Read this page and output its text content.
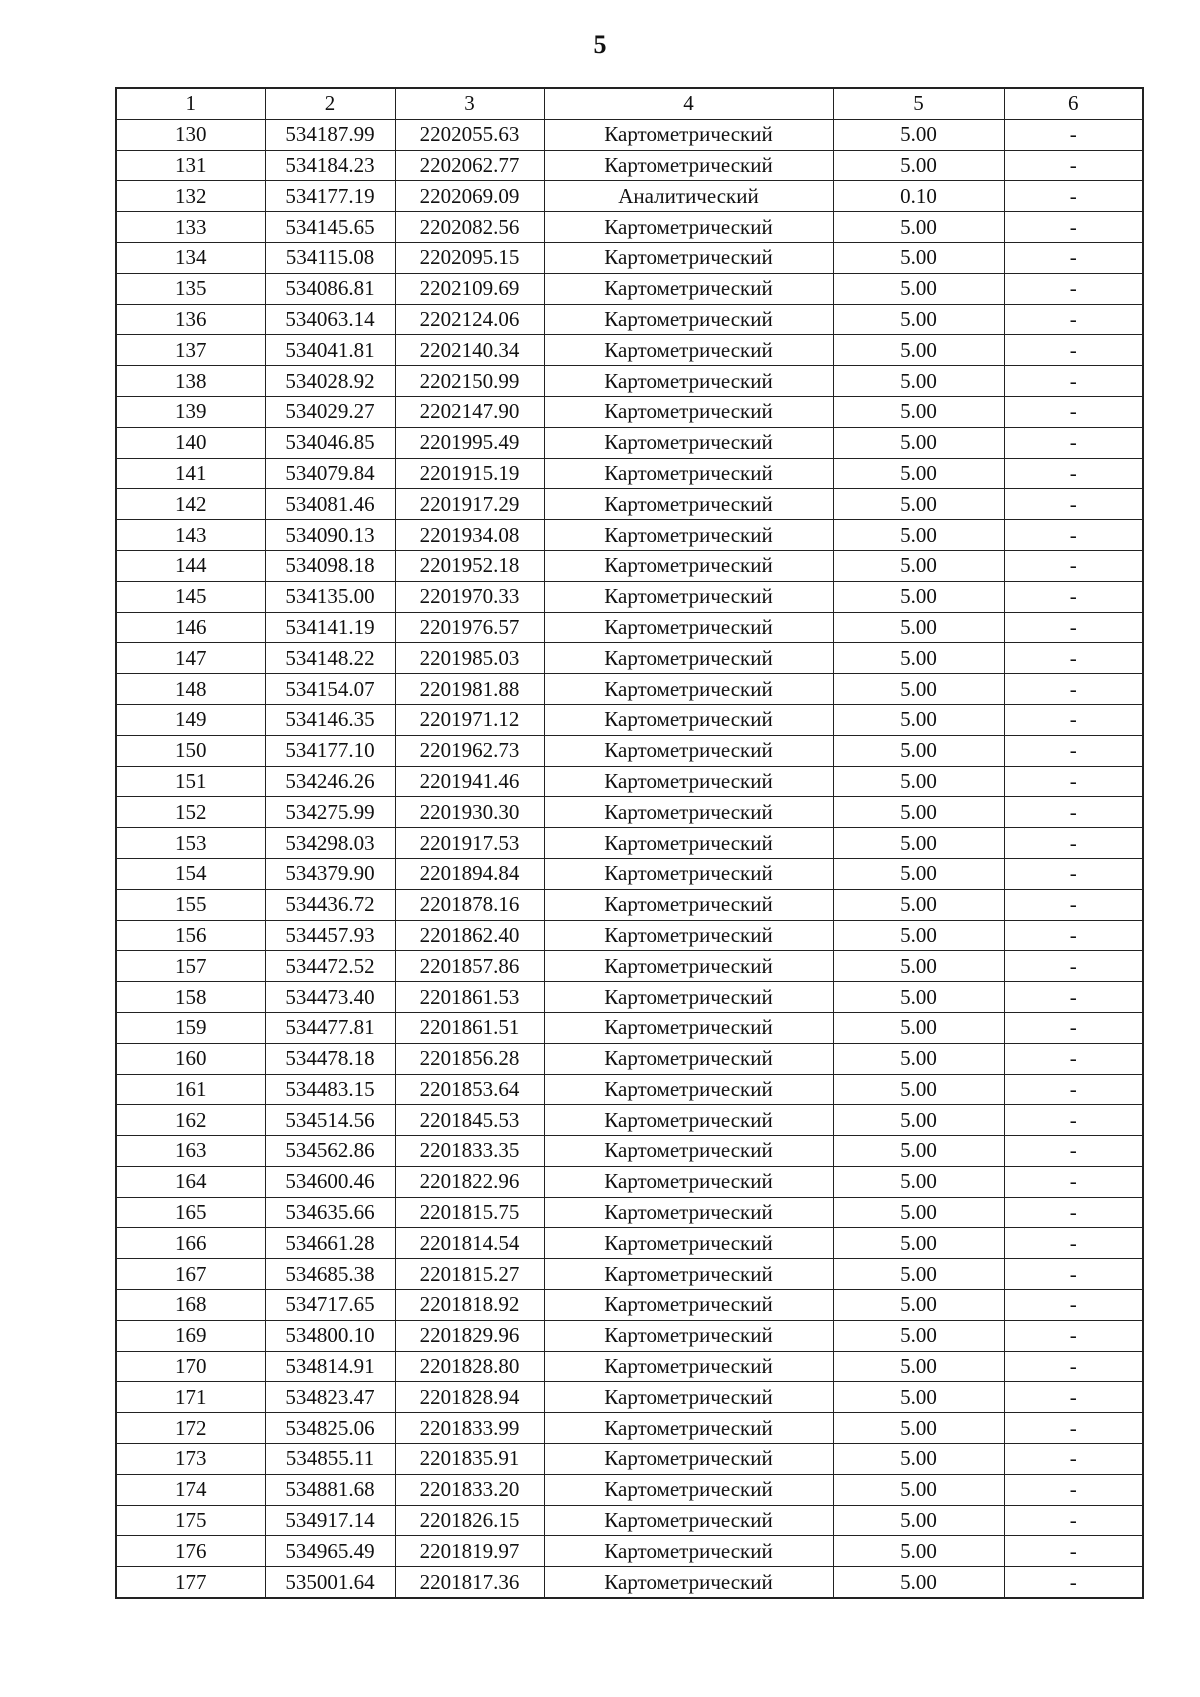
5
1	2	3	4	5	6
130	534187.99	2202055.63	Картометрический	5.00	-
131	534184.23	2202062.77	Картометрический	5.00	-
132	534177.19	2202069.09	Аналитический	0.10	-
133	534145.65	2202082.56	Картометрический	5.00	-
134	534115.08	2202095.15	Картометрический	5.00	-
135	534086.81	2202109.69	Картометрический	5.00	-
136	534063.14	2202124.06	Картометрический	5.00	-
137	534041.81	2202140.34	Картометрический	5.00	-
138	534028.92	2202150.99	Картометрический	5.00	-
139	534029.27	2202147.90	Картометрический	5.00	-
140	534046.85	2201995.49	Картометрический	5.00	-
141	534079.84	2201915.19	Картометрический	5.00	-
142	534081.46	2201917.29	Картометрический	5.00	-
143	534090.13	2201934.08	Картометрический	5.00	-
144	534098.18	2201952.18	Картометрический	5.00	-
145	534135.00	2201970.33	Картометрический	5.00	-
146	534141.19	2201976.57	Картометрический	5.00	-
147	534148.22	2201985.03	Картометрический	5.00	-
148	534154.07	2201981.88	Картометрический	5.00	-
149	534146.35	2201971.12	Картометрический	5.00	-
150	534177.10	2201962.73	Картометрический	5.00	-
151	534246.26	2201941.46	Картометрический	5.00	-
152	534275.99	2201930.30	Картометрический	5.00	-
153	534298.03	2201917.53	Картометрический	5.00	-
154	534379.90	2201894.84	Картометрический	5.00	-
155	534436.72	2201878.16	Картометрический	5.00	-
156	534457.93	2201862.40	Картометрический	5.00	-
157	534472.52	2201857.86	Картометрический	5.00	-
158	534473.40	2201861.53	Картометрический	5.00	-
159	534477.81	2201861.51	Картометрический	5.00	-
160	534478.18	2201856.28	Картометрический	5.00	-
161	534483.15	2201853.64	Картометрический	5.00	-
162	534514.56	2201845.53	Картометрический	5.00	-
163	534562.86	2201833.35	Картометрический	5.00	-
164	534600.46	2201822.96	Картометрический	5.00	-
165	534635.66	2201815.75	Картометрический	5.00	-
166	534661.28	2201814.54	Картометрический	5.00	-
167	534685.38	2201815.27	Картометрический	5.00	-
168	534717.65	2201818.92	Картометрический	5.00	-
169	534800.10	2201829.96	Картометрический	5.00	-
170	534814.91	2201828.80	Картометрический	5.00	-
171	534823.47	2201828.94	Картометрический	5.00	-
172	534825.06	2201833.99	Картометрический	5.00	-
173	534855.11	2201835.91	Картометрический	5.00	-
174	534881.68	2201833.20	Картометрический	5.00	-
175	534917.14	2201826.15	Картометрический	5.00	-
176	534965.49	2201819.97	Картометрический	5.00	-
177	535001.64	2201817.36	Картометрический	5.00	-
